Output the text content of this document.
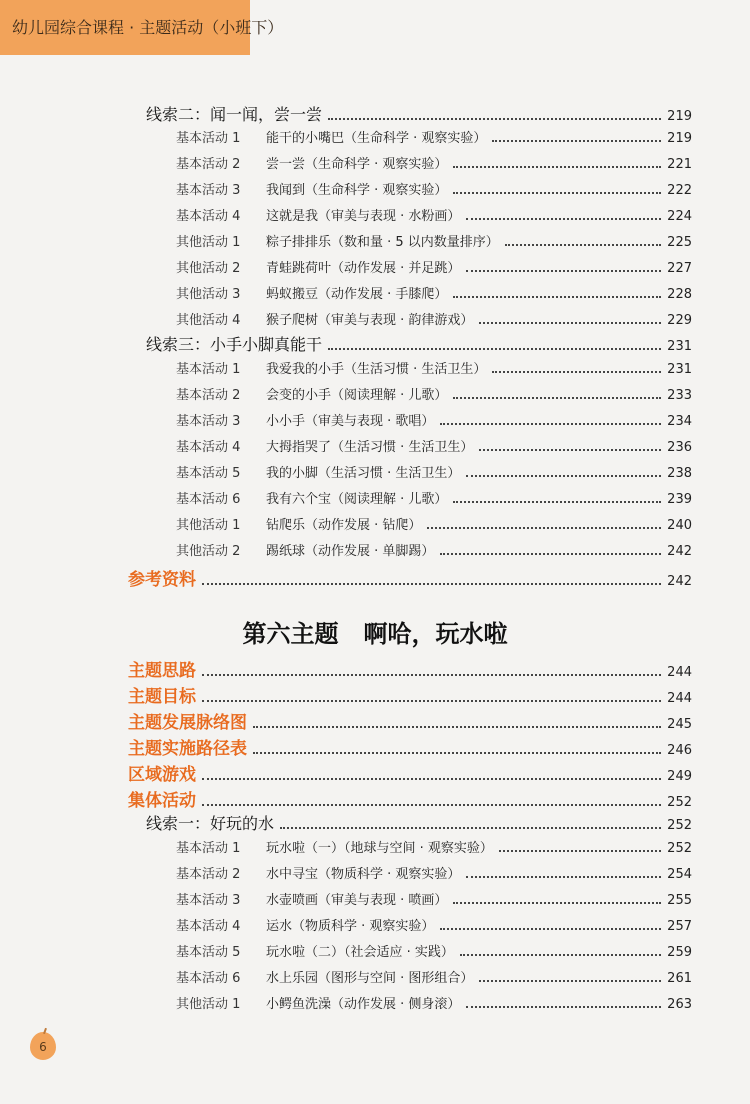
幼儿园综合课程 · 主题活动（小班下）
线索二：闻一闻，尝一尝	219
基本活动 1 能干的小嘴巴（生命科学 · 观察实验）	219
基本活动 2 尝一尝（生命科学 · 观察实验）	221
基本活动 3 我闻到（生命科学 · 观察实验）	222
基本活动 4 这就是我（审美与表现 · 水粉画）	224
其他活动 1 粽子排排乐（数和量 · 5 以内数量排序）	225
其他活动 2 青蛙跳荷叶（动作发展 · 并足跳）	227
其他活动 3 蚂蚁搬豆（动作发展 · 手膝爬）	228
其他活动 4 猴子爬树（审美与表现 · 韵律游戏）	229
线索三：小手小脚真能干	231
基本活动 1 我爱我的小手（生活习惯 · 生活卫生）	231
基本活动 2 会变的小手（阅读理解 · 儿歌）	233
基本活动 3 小小手（审美与表现 · 歌唱）	234
基本活动 4 大拇指哭了（生活习惯 · 生活卫生）	236
基本活动 5 我的小脚（生活习惯 · 生活卫生）	238
基本活动 6 我有六个宝（阅读理解 · 儿歌）	239
其他活动 1 钻爬乐（动作发展 · 钻爬）	240
其他活动 2 踢纸球（动作发展 · 单脚踢）	242
参考资料	242
第六主题   啊哈，玩水啦
主题思路	244
主题目标	244
主题发展脉络图	245
主题实施路径表	246
区域游戏	249
集体活动	252
线索一：好玩的水	252
基本活动 1 玩水啦（一）（地球与空间 · 观察实验）	252
基本活动 2 水中寻宝（物质科学 · 观察实验）	254
基本活动 3 水壶喷画（审美与表现 · 喷画）	255
基本活动 4 运水（物质科学 · 观察实验）	257
基本活动 5 玩水啦（二）（社会适应 · 实践）	259
基本活动 6 水上乐园（图形与空间 · 图形组合）	261
其他活动 1 小鳄鱼洗澡（动作发展 · 侧身滚）	263
6
